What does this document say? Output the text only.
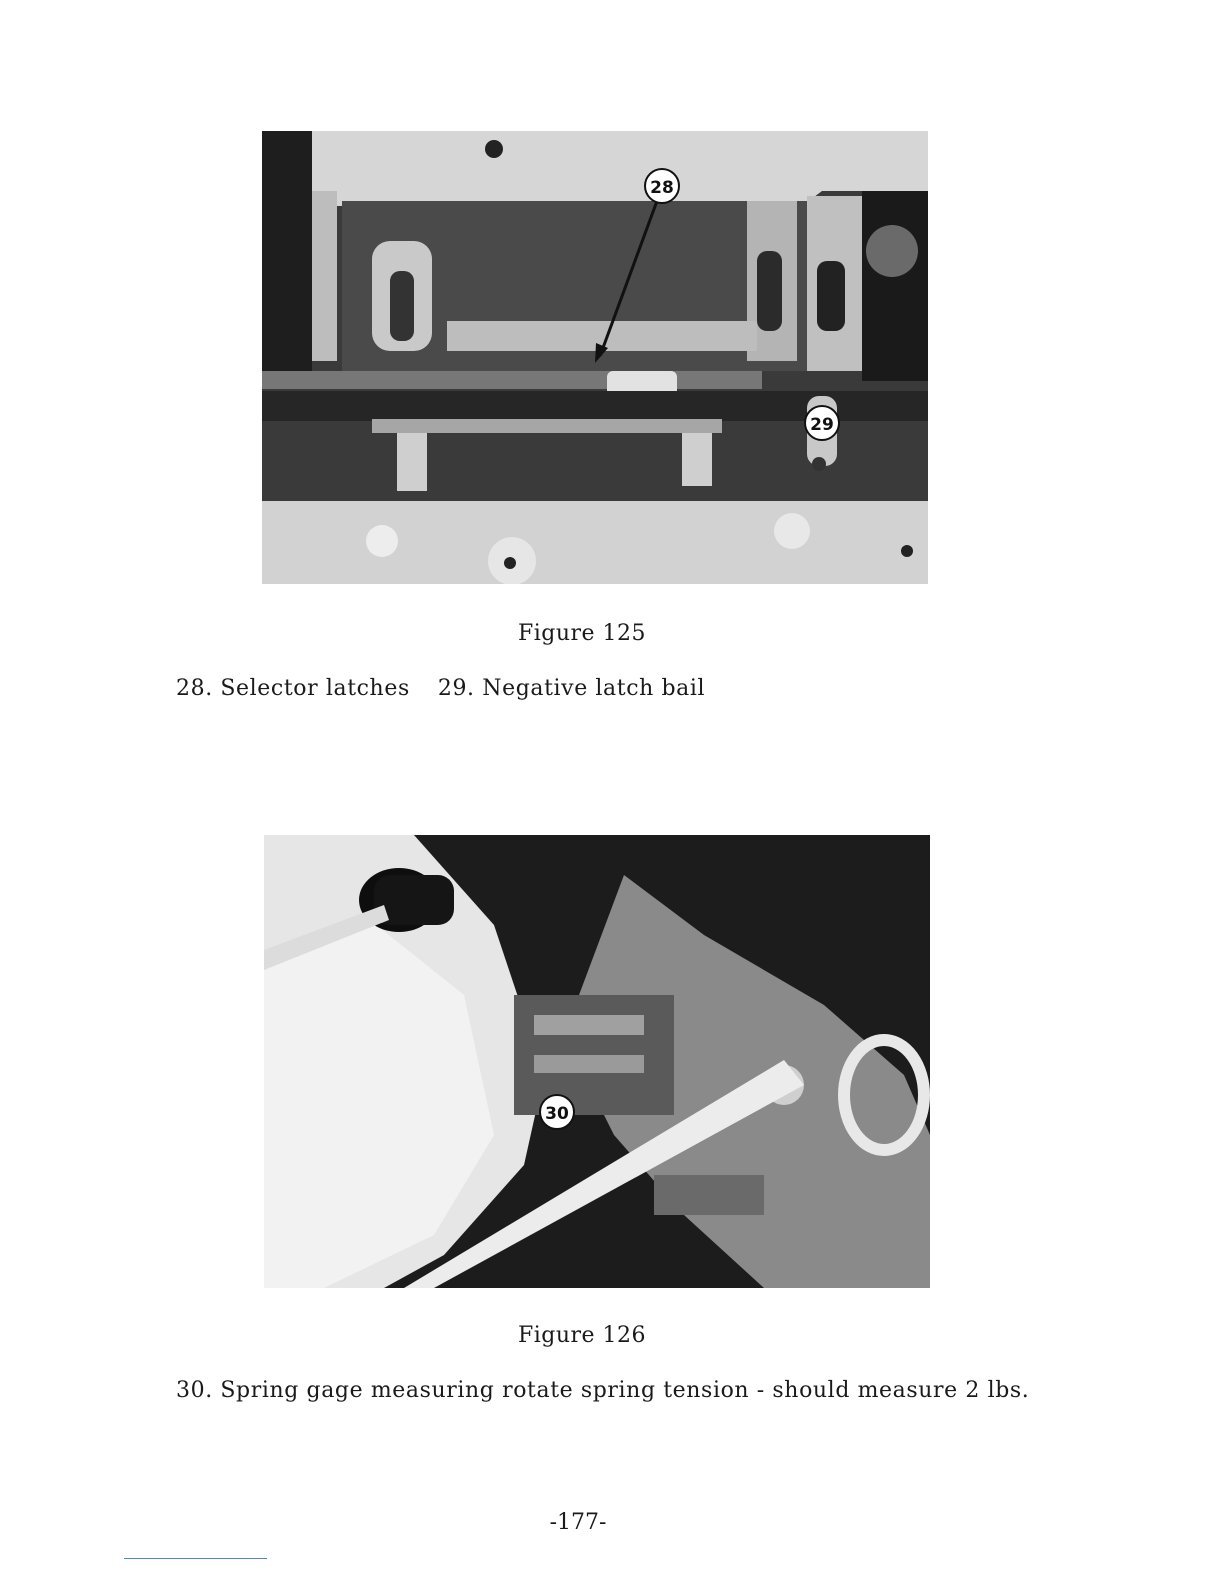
28
29
Figure 125
28. Selector latches 29. Negative latch bail
30
Figure 126
30. Spring gage measuring rotate spring tension - should measure 2 lbs.
-177-
